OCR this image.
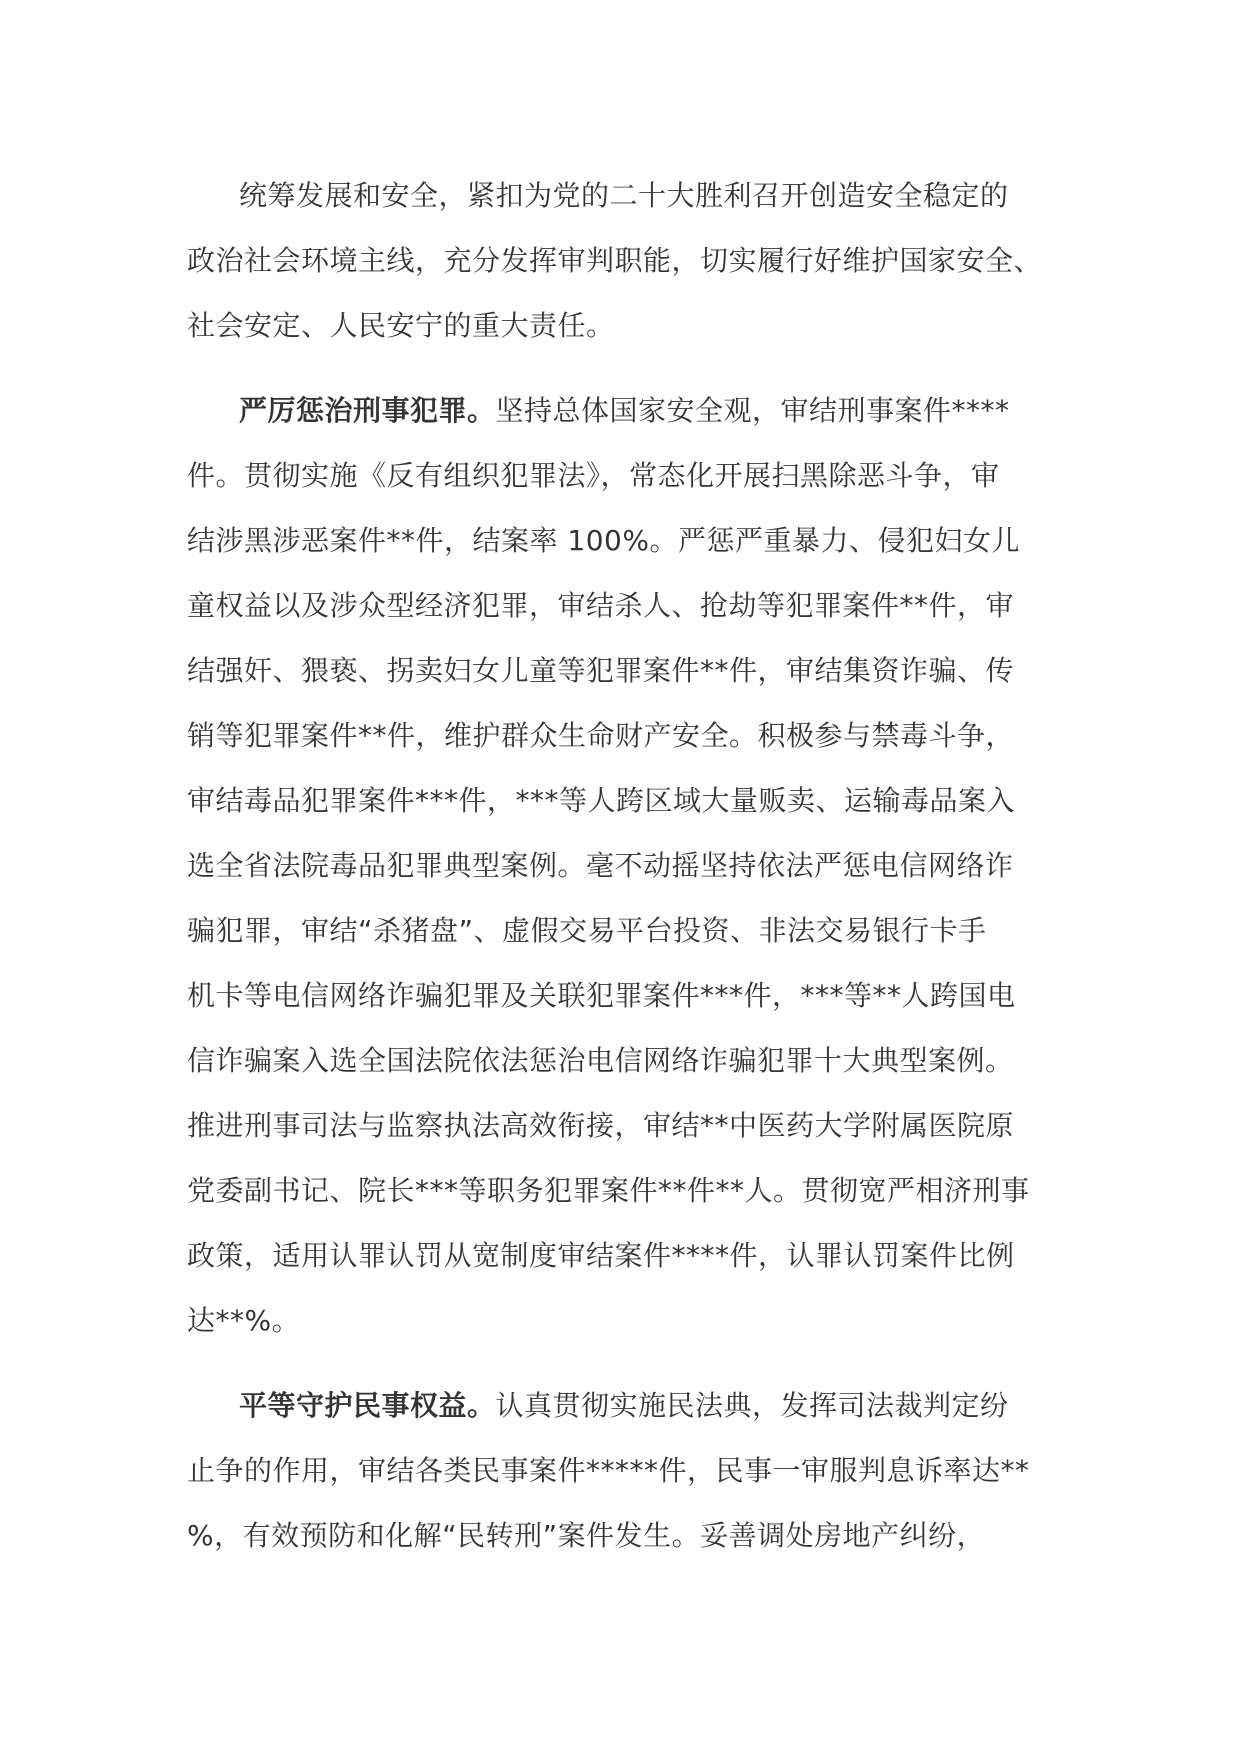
统筹发展和安全，紧扣为党的二十大胜利召开创造安全稳定的
政治社会环境主线，充分发挥审判职能，切实履行好维护国家安全、
社会安定、人民安宁的重大责任。
严厉惩治刑事犯罪。坚持总体国家安全观，审结刑事案件****
件。贯彻实施《反有组织犯罪法》，常态化开展扫黑除恶斗争，审
结涉黑涉恶案件**件，结案率 100%。严惩严重暴力、侵犯妇女儿
童权益以及涉众型经济犯罪，审结杀人、抢劫等犯罪案件**件，审
结强奸、猥亵、拐卖妇女儿童等犯罪案件**件，审结集资诈骗、传
销等犯罪案件**件，维护群众生命财产安全。积极参与禁毒斗争，
审结毒品犯罪案件***件，***等人跨区域大量贩卖、运输毒品案入
选全省法院毒品犯罪典型案例。毫不动摇坚持依法严惩电信网络诈
骗犯罪，审结“杀猪盘”、虚假交易平台投资、非法交易银行卡手
机卡等电信网络诈骗犯罪及关联犯罪案件***件，***等**人跨国电
信诈骗案入选全国法院依法惩治电信网络诈骗犯罪十大典型案例。
推进刑事司法与监察执法高效衔接，审结**中医药大学附属医院原
党委副书记、院长***等职务犯罪案件**件**人。贯彻宽严相济刑事
政策，适用认罪认罚从宽制度审结案件****件，认罪认罚案件比例
达**%。
平等守护民事权益。认真贯彻实施民法典，发挥司法裁判定纷
止争的作用，审结各类民事案件*****件，民事一审服判息诉率达**
%，有效预防和化解“民转刑”案件发生。妥善调处房地产纠纷，
